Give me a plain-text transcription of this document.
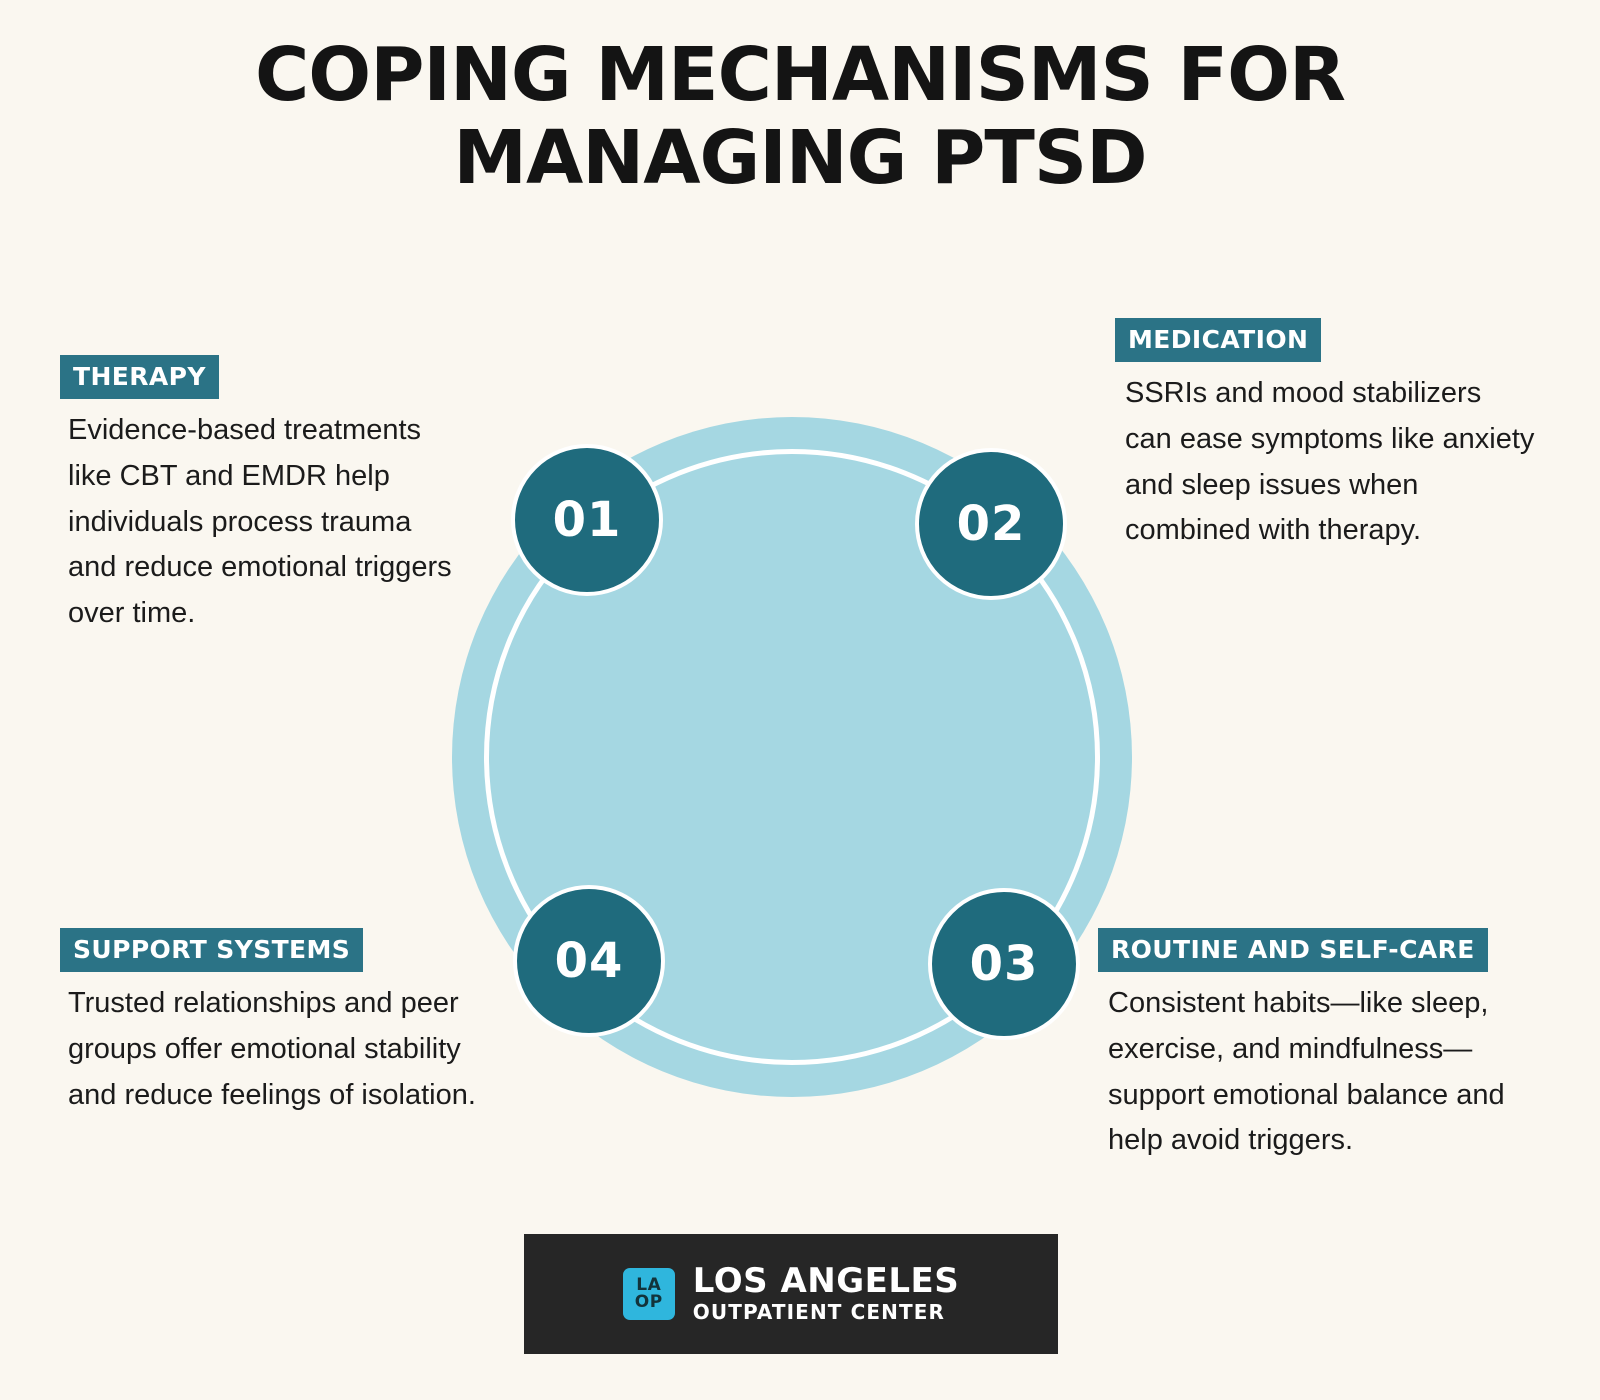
COPING MECHANISMS FOR
MANAGING PTSD
01	02
03
04
THERAPY
Evidence-based treatments like CBT and EMDR help individuals process trauma and reduce emotional triggers over time.
MEDICATION
SSRIs and mood stabilizers can ease symptoms like anxiety and sleep issues when combined with therapy.
SUPPORT SYSTEMS
Trusted relationships and peer groups offer emotional stability and reduce feelings of isolation.
ROUTINE AND SELF-CARE
Consistent habits—like sleep, exercise, and mindfulness—support emotional balance and help avoid triggers.
LA
OP
LOS ANGELES
OUTPATIENT CENTER
